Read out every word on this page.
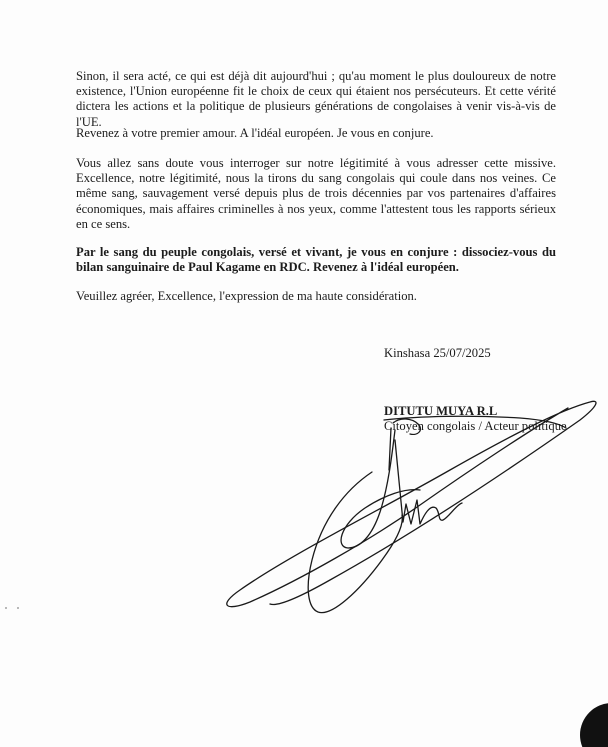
Sinon, il sera acté, ce qui est déjà dit aujourd'hui ; qu'au moment le plus douloureux de notre existence, l'Union européenne fit le choix de ceux qui étaient nos persécuteurs. Et cette vérité dictera les actions et la politique de plusieurs générations de congolaises à venir vis-à-vis de l'UE.

Revenez à votre premier amour. A l'idéal européen. Je vous en conjure.

Vous allez sans doute vous interroger sur notre légitimité à vous adresser cette missive. Excellence, notre légitimité, nous la tirons du sang congolais qui coule dans nos veines. Ce même sang, sauvagement versé depuis plus de trois décennies par vos partenaires d'affaires économiques, mais affaires criminelles à nos yeux, comme l'attestent tous les rapports sérieux en ce sens.

Par le sang du peuple congolais, versé et vivant, je vous en conjure : dissociez-vous du bilan sanguinaire de Paul Kagame en RDC. Revenez à l'idéal européen.

Veuillez agréer, Excellence, l'expression de ma haute considération.

Kinshasa 25/07/2025

DITUTU MUYA R.L

Citoyen congolais / Acteur politique
